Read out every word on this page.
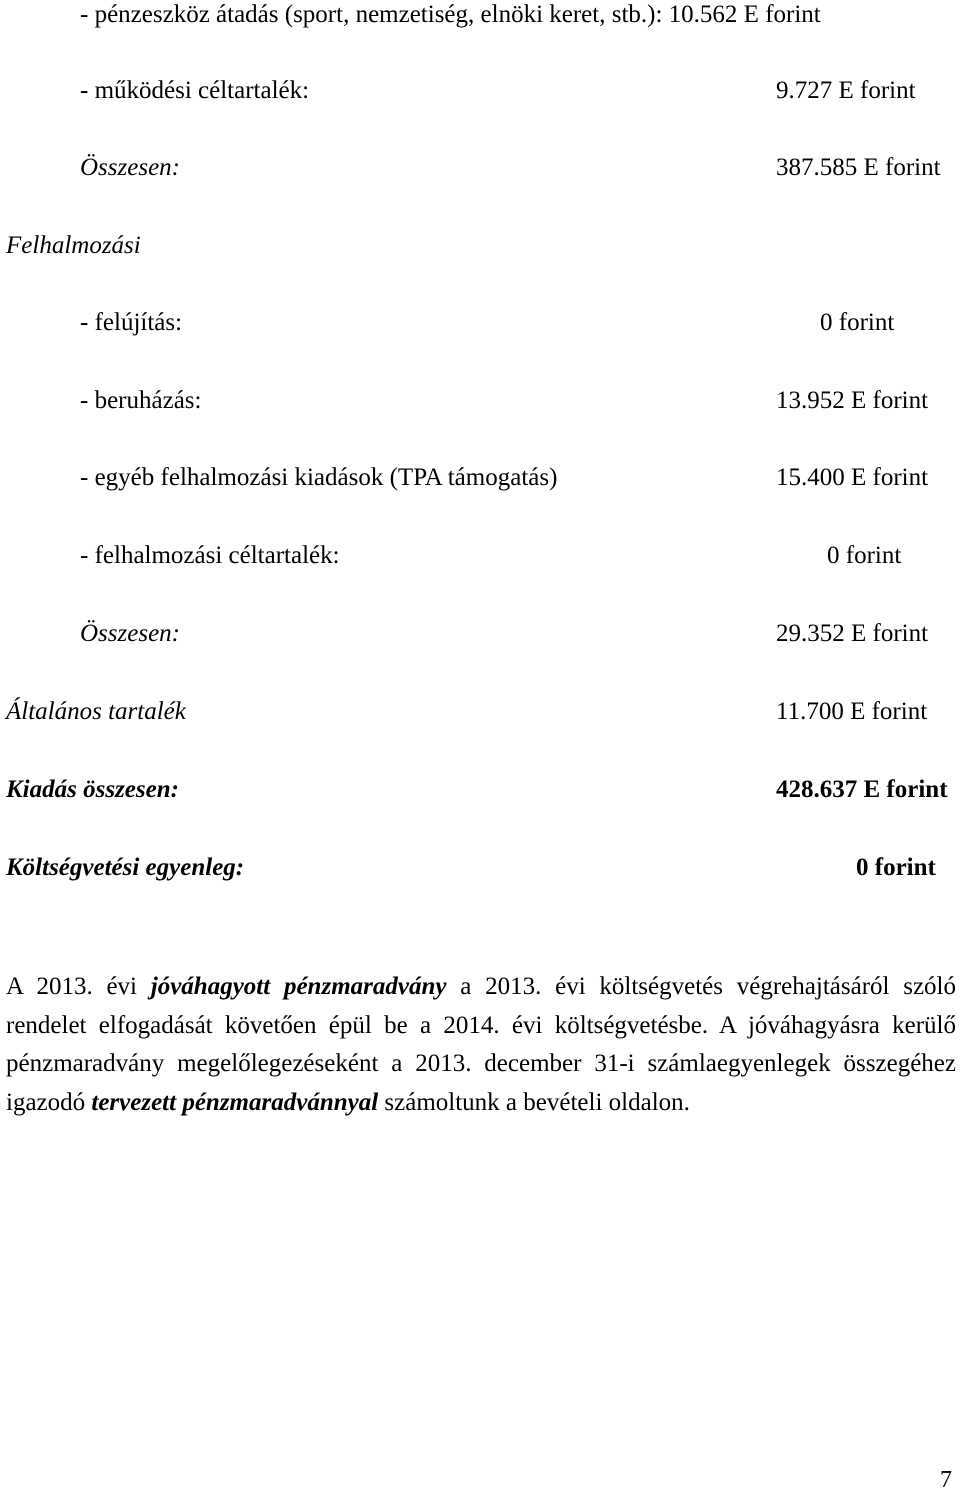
- pénzeszköz átadás (sport, nemzetiség, elnöki keret, stb.): 10.562 E forint
- működési céltartalék:	9.727 E forint
Összesen:	387.585 E forint
Felhalmozási
- felújítás:	0 forint
- beruházás:	13.952 E forint
- egyéb felhalmozási kiadások (TPA támogatás)	15.400 E forint
- felhalmozási céltartalék:	0 forint
Összesen:	29.352 E forint
Általános tartalék	11.700 E forint
Kiadás összesen:	428.637 E forint
Költségvetési egyenleg:	0 forint
A 2013. évi jóváhagyott pénzmaradvány a 2013. évi költségvetés végrehajtásáról szóló rendelet elfogadását követően épül be a 2014. évi költségvetésbe. A jóváhagyásra kerülő pénzmaradvány megelőlegezéseként a 2013. december 31-i számlaegyenlegek összegéhez igazodó tervezett pénzmaradvánnyal számoltunk a bevételi oldalon.
7
